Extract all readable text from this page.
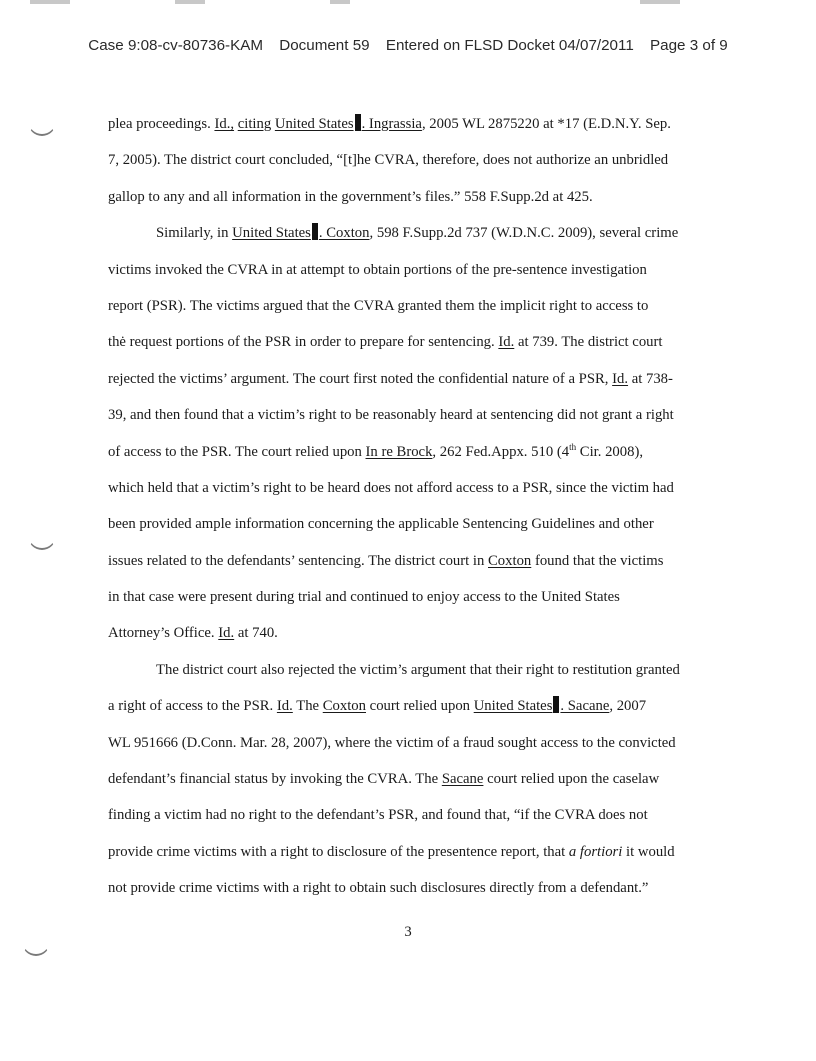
Case 9:08-cv-80736-KAM Document 59 Entered on FLSD Docket 04/07/2011 Page 3 of 9
plea proceedings. Id., citing United States . Ingrassia, 2005 WL 2875220 at *17 (E.D.N.Y. Sep.
7, 2005). The district court concluded, “[t]he CVRA, therefore, does not authorize an unbridled
gallop to any and all information in the government’s files.” 558 F.Supp.2d at 425.
Similarly, in United States . Coxton, 598 F.Supp.2d 737 (W.D.N.C. 2009), several crime
victims invoked the CVRA in at attempt to obtain portions of the pre-sentence investigation
report (PSR). The victims argued that the CVRA granted them the implicit right to access to
thė request portions of the PSR in order to prepare for sentencing. Id. at 739. The district court
rejected the victims’ argument. The court first noted the confidential nature of a PSR, Id. at 738-
39, and then found that a victim’s right to be reasonably heard at sentencing did not grant a right
of access to the PSR. The court relied upon In re Brock, 262 Fed.Appx. 510 (4th Cir. 2008),
which held that a victim’s right to be heard does not afford access to a PSR, since the victim had
been provided ample information concerning the applicable Sentencing Guidelines and other
issues related to the defendants’ sentencing. The district court in Coxton found that the victims
in that case were present during trial and continued to enjoy access to the United States
Attorney’s Office. Id. at 740.
The district court also rejected the victim’s argument that their right to restitution granted
a right of access to the PSR. Id. The Coxton court relied upon United States . Sacane, 2007
WL 951666 (D.Conn. Mar. 28, 2007), where the victim of a fraud sought access to the convicted
defendant’s financial status by invoking the CVRA. The Sacane court relied upon the caselaw
finding a victim had no right to the defendant’s PSR, and found that, “if the CVRA does not
provide crime victims with a right to disclosure of the presentence report, that a fortiori it would
not provide crime victims with a right to obtain such disclosures directly from a defendant.”
3
